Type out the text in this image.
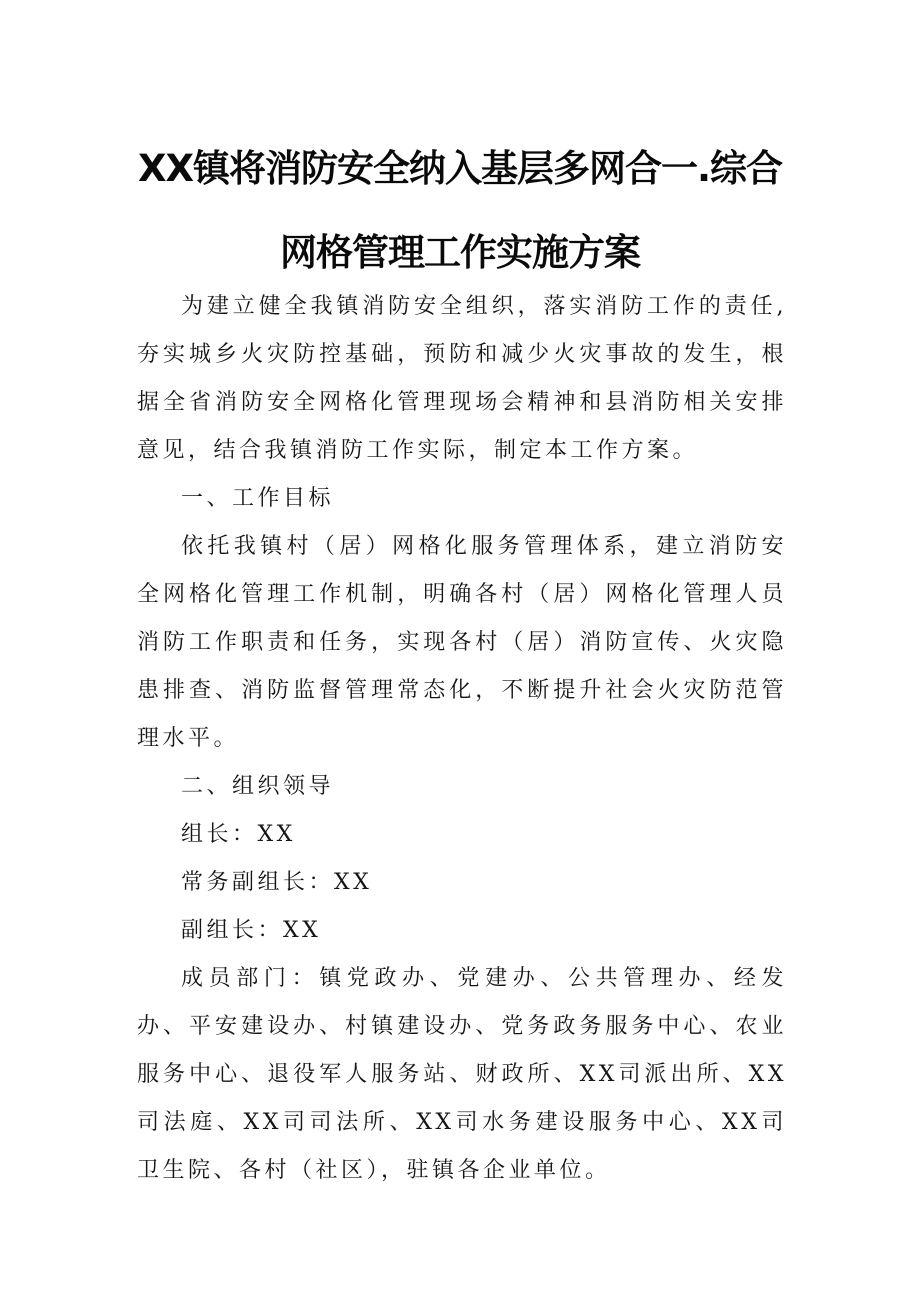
XX镇将消防安全纳入基层多网合一.综合
网格管理工作实施方案

为建立健全我镇消防安全组织，落实消防工作的责任,夯实城乡火灾防控基础，预防和减少火灾事故的发生，根据全省消防安全网格化管理现场会精神和县消防相关安排意见，结合我镇消防工作实际，制定本工作方案。

一、工作目标

依托我镇村（居）网格化服务管理体系，建立消防安全网格化管理工作机制，明确各村（居）网格化管理人员消防工作职责和任务，实现各村（居）消防宣传、火灾隐患排查、消防监督管理常态化，不断提升社会火灾防范管理水平。

二、组织领导

组长：XX

常务副组长：XX

副组长：XX

成员部门：镇党政办、党建办、公共管理办、经发办、平安建设办、村镇建设办、党务政务服务中心、农业服务中心、退役军人服务站、财政所、XX司派出所、XX司法庭、XX司司法所、XX司水务建设服务中心、XX司卫生院、各村（社区），驻镇各企业单位。
